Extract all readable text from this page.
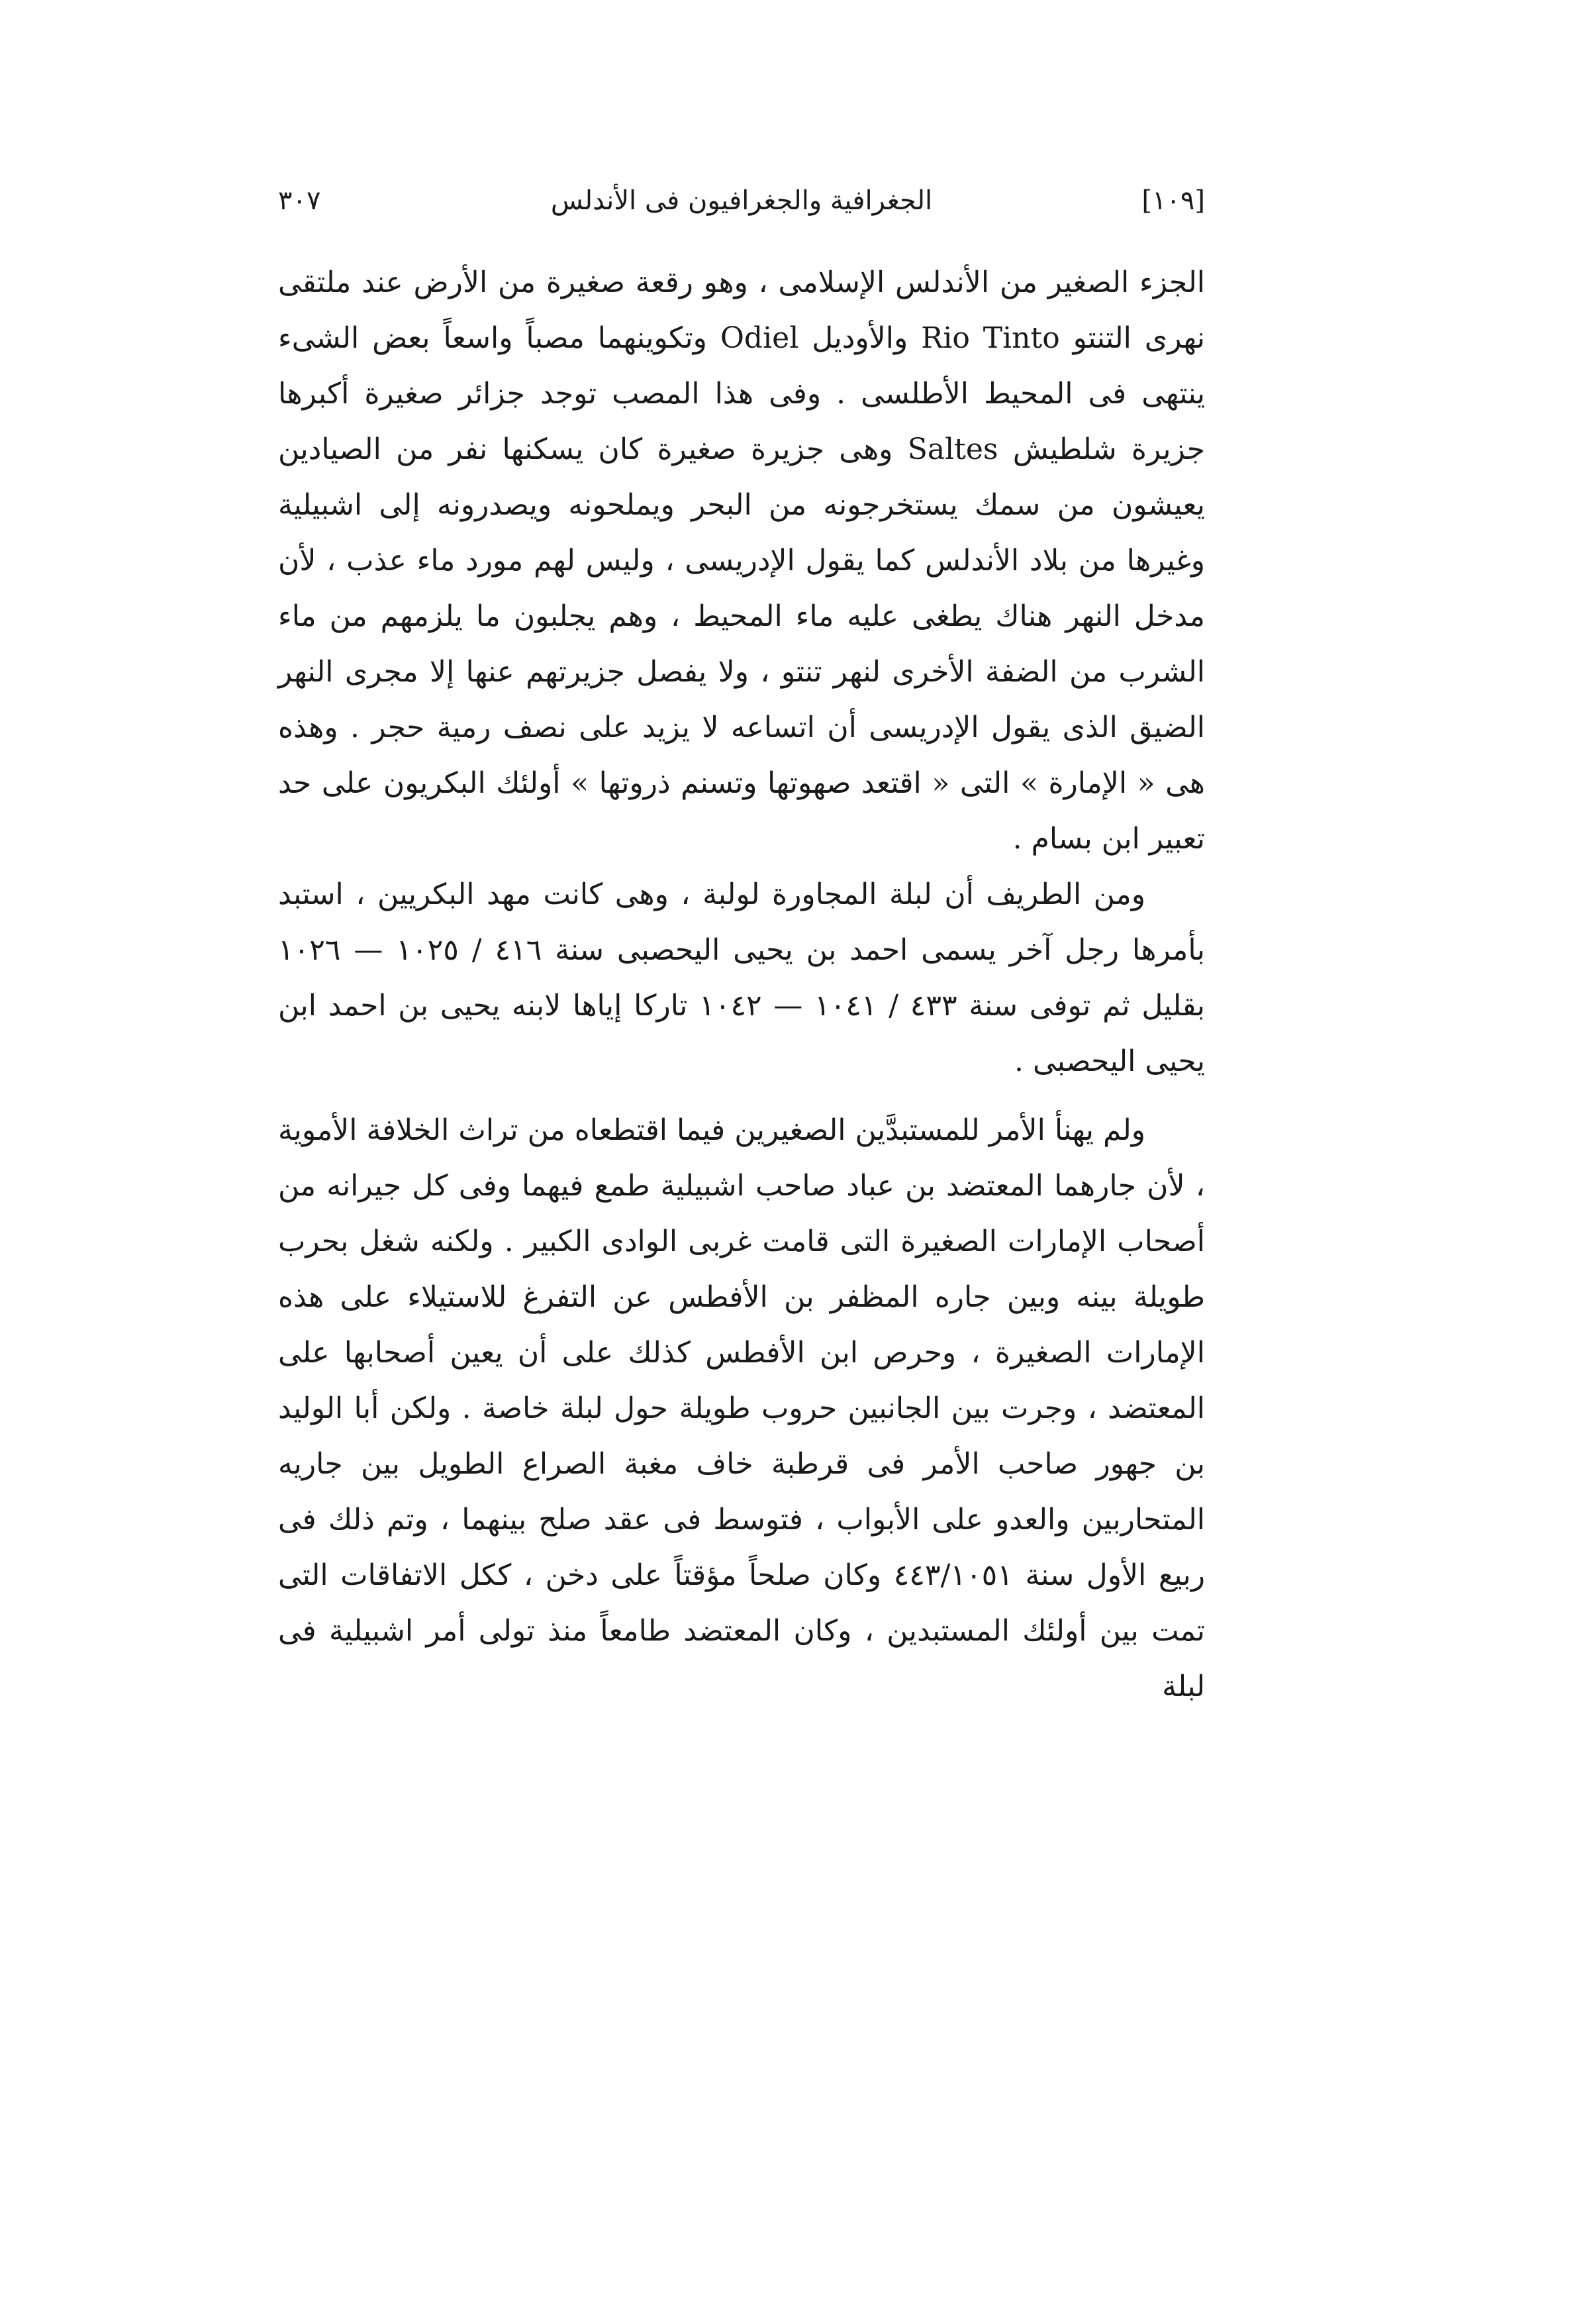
[١٠٩]
الجغرافية والجغرافيون فى الأندلس
٣٠٧

الجزء الصغير من الأندلس الإسلامى ، وهو رقعة صغيرة من الأرض عند ملتقى نهرى التنتو Rio Tinto والأوديل Odiel وتكوينهما مصباً واسعاً بعض الشىء ينتهى فى المحيط الأطلسى . وفى هذا المصب توجد جزائر صغيرة أكبرها جزيرة شلطيش Saltes وهى جزيرة صغيرة كان يسكنها نفر من الصيادين يعيشون من سمك يستخرجونه من البحر ويملحونه ويصدرونه إلى اشبيلية وغيرها من بلاد الأندلس كما يقول الإدريسى ، وليس لهم مورد ماء عذب ، لأن مدخل النهر هناك يطغى عليه ماء المحيط ، وهم يجلبون ما يلزمهم من ماء الشرب من الضفة الأخرى لنهر تنتو ، ولا يفصل جزيرتهم عنها إلا مجرى النهر الضيق الذى يقول الإدريسى أن اتساعه لا يزيد على نصف رمية حجر . وهذه هى « الإمارة » التى « اقتعد صهوتها وتسنم ذروتها » أولئك البكريون على حد تعبير ابن بسام .

ومن الطريف أن لبلة المجاورة لولبة ، وهى كانت مهد البكريين ، استبد بأمرها رجل آخر يسمى احمد بن يحيى اليحصبى سنة ٤١٦ / ١٠٢٥ — ١٠٢٦ بقليل ثم توفى سنة ٤٣٣ / ١٠٤١ — ١٠٤٢ تاركا إياها لابنه يحيى بن احمد ابن يحيى اليحصبى .

ولم يهنأ الأمر للمستبدَّين الصغيرين فيما اقتطعاه من تراث الخلافة الأموية ، لأن جارهما المعتضد بن عباد صاحب اشبيلية طمع فيهما وفى كل جيرانه من أصحاب الإمارات الصغيرة التى قامت غربى الوادى الكبير . ولكنه شغل بحرب طويلة بينه وبين جاره المظفر بن الأفطس عن التفرغ للاستيلاء على هذه الإمارات الصغيرة ، وحرص ابن الأفطس كذلك على أن يعين أصحابها على المعتضد ، وجرت بين الجانبين حروب طويلة حول لبلة خاصة . ولكن أبا الوليد بن جهور صاحب الأمر فى قرطبة خاف مغبة الصراع الطويل بين جاريه المتحاربين والعدو على الأبواب ، فتوسط فى عقد صلح بينهما ، وتم ذلك فى ربيع الأول سنة ٤٤٣/١٠٥١ وكان صلحاً مؤقتاً على دخن ، ككل الاتفاقات التى تمت بين أولئك المستبدين ، وكان المعتضد طامعاً منذ تولى أمر اشبيلية فى لبلة
